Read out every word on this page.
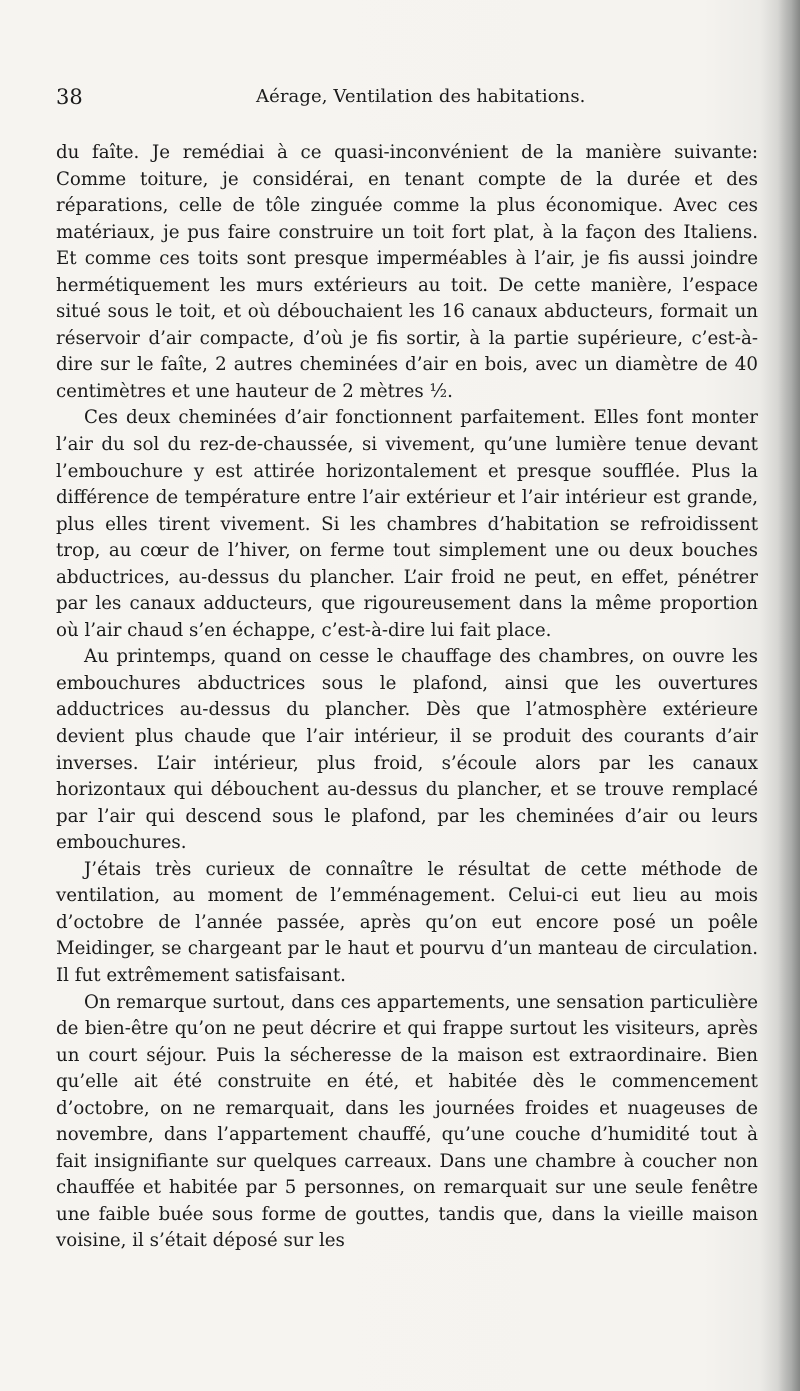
38	Aérage, Ventilation des habitations.

du faîte. Je remédiai à ce quasi-inconvénient de la manière suivante: Comme toiture, je considérai, en tenant compte de la durée et des réparations, celle de tôle zinguée comme la plus économique. Avec ces matériaux, je pus faire construire un toit fort plat, à la façon des Italiens. Et comme ces toits sont presque imperméables à l’air, je fis aussi joindre hermétiquement les murs extérieurs au toit. De cette manière, l’espace situé sous le toit, et où débouchaient les 16 canaux abducteurs, formait un réservoir d’air compacte, d’où je fis sortir, à la partie supérieure, c’est-à-dire sur le faîte, 2 autres cheminées d’air en bois, avec un diamètre de 40 centimètres et une hauteur de 2 mètres ½.

Ces deux cheminées d’air fonctionnent parfaitement. Elles font monter l’air du sol du rez-de-chaussée, si vivement, qu’une lumière tenue devant l’embouchure y est attirée horizontalement et presque soufflée. Plus la différence de température entre l’air extérieur et l’air intérieur est grande, plus elles tirent vivement. Si les chambres d’habitation se refroidissent trop, au cœur de l’hiver, on ferme tout simplement une ou deux bouches abductrices, au-dessus du plancher. L’air froid ne peut, en effet, pénétrer par les canaux adducteurs, que rigoureusement dans la même proportion où l’air chaud s’en échappe, c’est-à-dire lui fait place.

Au printemps, quand on cesse le chauffage des chambres, on ouvre les embouchures abductrices sous le plafond, ainsi que les ouvertures adductrices au-dessus du plancher. Dès que l’atmosphère extérieure devient plus chaude que l’air intérieur, il se produit des courants d’air inverses. L’air intérieur, plus froid, s’écoule alors par les canaux horizontaux qui débouchent au-dessus du plancher, et se trouve remplacé par l’air qui descend sous le plafond, par les cheminées d’air ou leurs embouchures.

J’étais très curieux de connaître le résultat de cette méthode de ventilation, au moment de l’emménagement. Celui-ci eut lieu au mois d’octobre de l’année passée, après qu’on eut encore posé un poêle Meidinger, se chargeant par le haut et pourvu d’un manteau de circulation. Il fut extrêmement satisfaisant.

On remarque surtout, dans ces appartements, une sensation particulière de bien-être qu’on ne peut décrire et qui frappe surtout les visiteurs, après un court séjour. Puis la sécheresse de la maison est extraordinaire. Bien qu’elle ait été construite en été, et habitée dès le commencement d’octobre, on ne remarquait, dans les journées froides et nuageuses de novembre, dans l’appartement chauffé, qu’une couche d’humidité tout à fait insignifiante sur quelques carreaux. Dans une chambre à coucher non chauffée et habitée par 5 personnes, on remarquait sur une seule fenêtre une faible buée sous forme de gouttes, tandis que, dans la vieille maison voisine, il s’était déposé sur les
